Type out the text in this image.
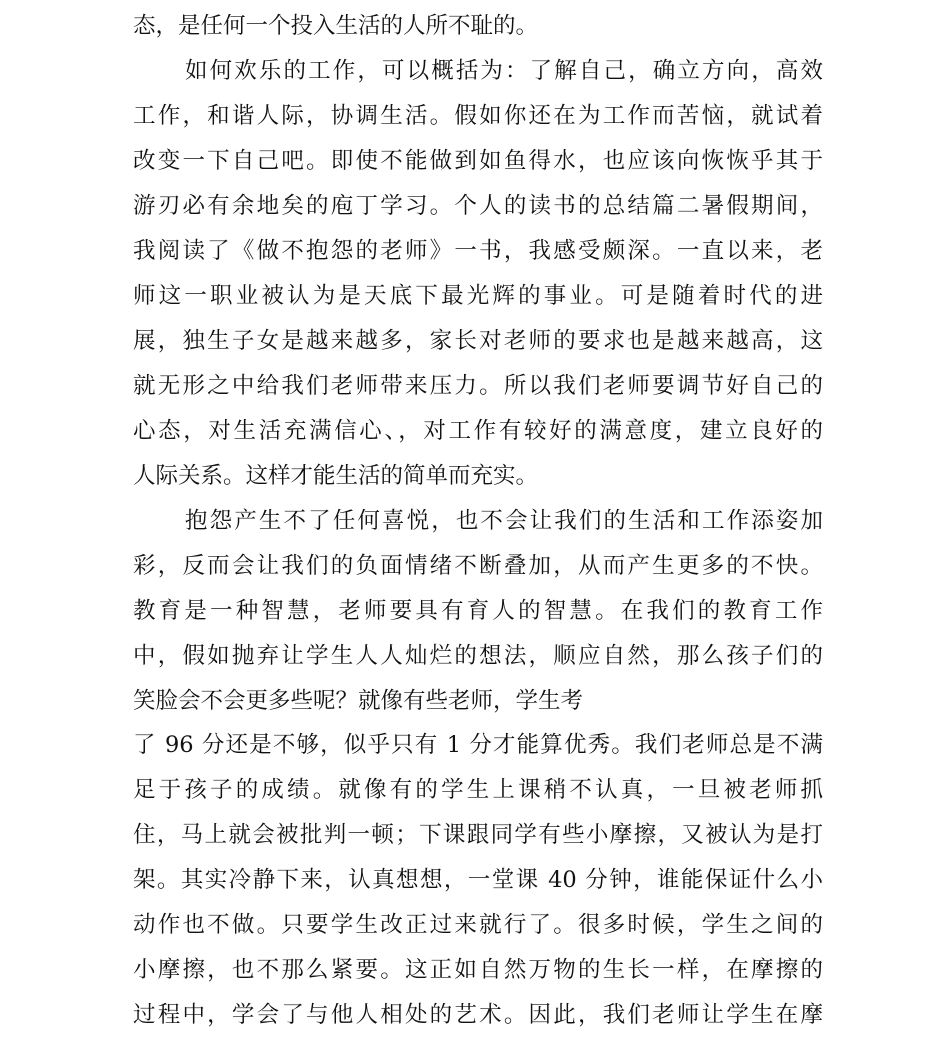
态，是任何一个投入生活的人所不耻的。
如何欢乐的工作，可以概括为：了解自己，确立方向，高效
工作，和谐人际，协调生活。假如你还在为工作而苦恼，就试着
改变一下自己吧。即使不能做到如鱼得水，也应该向恢恢乎其于
游刃必有余地矣的庖丁学习。个人的读书的总结篇二暑假期间，
我阅读了《做不抱怨的老师》一书，我感受颇深。一直以来，老
师这一职业被认为是天底下最光辉的事业。可是随着时代的进
展，独生子女是越来越多，家长对老师的要求也是越来越高，这
就无形之中给我们老师带来压力。所以我们老师要调节好自己的
心态，对生活充满信心、，对工作有较好的满意度，建立良好的
人际关系。这样才能生活的简单而充实。
抱怨产生不了任何喜悦，也不会让我们的生活和工作添姿加
彩，反而会让我们的负面情绪不断叠加，从而产生更多的不快。
教育是一种智慧，老师要具有育人的智慧。在我们的教育工作
中，假如抛弃让学生人人灿烂的想法，顺应自然，那么孩子们的
笑脸会不会更多些呢？就像有些老师，学生考
了 96 分还是不够，似乎只有 1 分才能算优秀。我们老师总是不满
足于孩子的成绩。就像有的学生上课稍不认真，一旦被老师抓
住，马上就会被批判一顿；下课跟同学有些小摩擦，又被认为是打
架。其实冷静下来，认真想想，一堂课 40 分钟，谁能保证什么小
动作也不做。只要学生改正过来就行了。很多时候，学生之间的
小摩擦，也不那么紧要。这正如自然万物的生长一样，在摩擦的
过程中，学会了与他人相处的艺术。因此，我们老师让学生在摩
